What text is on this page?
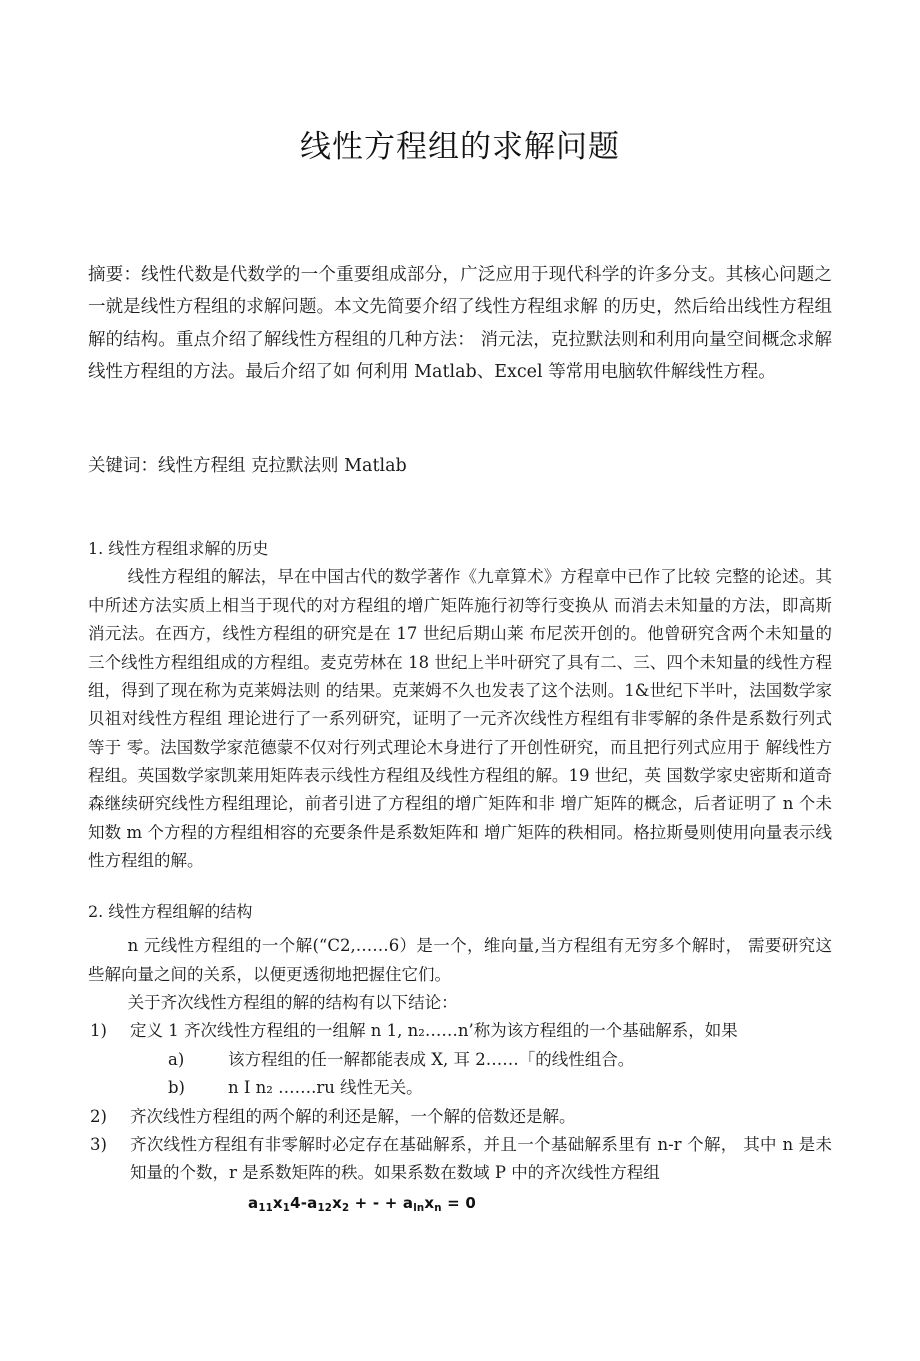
线性方程组的求解问题

摘要：线性代数是代数学的一个重要组成部分，广泛应用于现代科学的许多分支。其核心问题之一就是线性方程组的求解问题。本文先简要介绍了线性方程组求解 的历史，然后给出线性方程组解的结构。重点介绍了解线性方程组的几种方法： 消元法，克拉默法则和利用向量空间概念求解线性方程组的方法。最后介绍了如 何利用 Matlab、Excel 等常用电脑软件解线性方程。

关键词：线性方程组 克拉默法则 Matlab

1. 线性方程组求解的历史

线性方程组的解法，早在中国古代的数学著作《九章算术》方程章中已作了比较 完整的论述。其中所述方法实质上相当于现代的对方程组的增广矩阵施行初等行变换从 而消去未知量的方法，即高斯消元法。在西方，线性方程组的研究是在 17 世纪后期山莱 布尼茨开创的。他曾研究含两个未知量的三个线性方程组组成的方程组。麦克劳林在 18 世纪上半叶研究了具有二、三、四个未知量的线性方程组，得到了现在称为克莱姆法则 的结果。克莱姆不久也发表了这个法则。1&世纪下半叶，法国数学家贝祖对线性方程组 理论进行了一系列研究，证明了一元齐次线性方程组有非零解的条件是系数行列式等于 零。法国数学家范德蒙不仅对行列式理论木身进行了开创性研究，而且把行列式应用于 解线性方程组。英国数学家凯莱用矩阵表示线性方程组及线性方程组的解。19 世纪，英 国数学家史密斯和道奇森继续研究线性方程组理论，前者引进了方程组的增广矩阵和非 增广矩阵的概念，后者证明了 n 个未知数 m 个方程的方程组相容的充要条件是系数矩阵和 增广矩阵的秩相同。格拉斯曼则使用向量表示线性方程组的解。

2. 线性方程组解的结构

n 元线性方程组的一个解(“C2,……6）是一个，维向量,当方程组有无穷多个解时， 需要研究这些解向量之间的关系，以便更透彻地把握住它们。

关于齐次线性方程组的解的结构有以下结论：

1)	定义 1 齐次线性方程组的一组解 n 1, n₂……n’称为该方程组的一个基础解系，如果
a)	该方程组的任一解都能表成 X, 耳 2……「的线性组合。
b)	n I n₂ …….ru 线性无关。
2)	齐次线性方程组的两个解的利还是解，一个解的倍数还是解。
3)	齐次线性方程组有非零解时必定存在基础解系，并且一个基础解系里有 n-r 个解， 其中 n 是未知量的个数，r 是系数矩阵的秩。如果系数在数域 P 中的齐次线性方程组
$a_{11}x_14-a_{12}x_2$ + - + $a_{ln}x_n = 0$
